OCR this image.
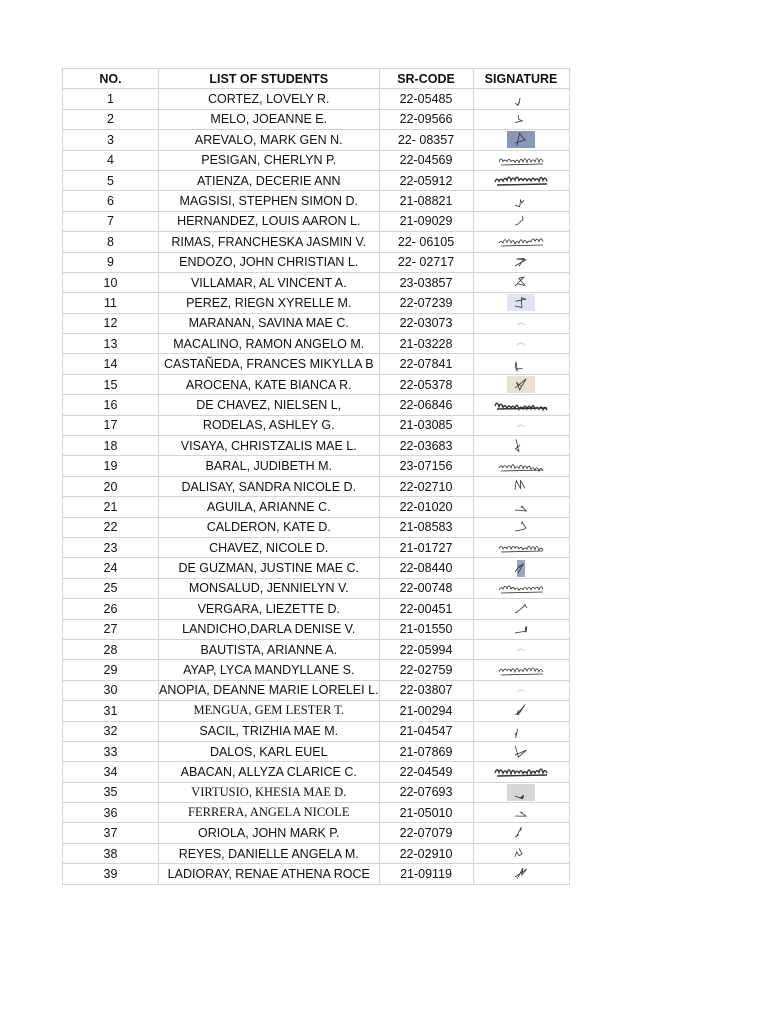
NO.	LIST OF STUDENTS	SR-CODE	SIGNATURE
1	CORTEZ, LOVELY R.	22-05485	

2	MELO, JOEANNE E.	22-09566	

3	AREVALO, MARK GEN N.	22- 08357	

4	PESIGAN, CHERLYN P.	22-04569	

5	ATIENZA, DECERIE ANN	22-05912	

6	MAGSISI, STEPHEN SIMON D.	21-08821	

7	HERNANDEZ, LOUIS AARON L.	21-09029	

8	RIMAS, FRANCHESKA JASMIN V.	22- 06105	

9	ENDOZO, JOHN CHRISTIAN L.	22- 02717	

10	VILLAMAR, AL VINCENT A.	23-03857	

11	PEREZ, RIEGN XYRELLE M.	22-07239	

12	MARANAN, SAVINA MAE C.	22-03073	

13	MACALINO, RAMON ANGELO M.	21-03228	

14	CASTAÑEDA, FRANCES MIKYLLA B	22-07841	

15	AROCENA, KATE BIANCA R.	22-05378	

16	DE CHAVEZ, NIELSEN L,	22-06846	

17	RODELAS, ASHLEY G.	21-03085	

18	VISAYA, CHRISTZALIS MAE L.	22-03683	

19	BARAL, JUDIBETH M.	23-07156	

20	DALISAY, SANDRA NICOLE D.	22-02710	

21	AGUILA, ARIANNE C.	22-01020	

22	CALDERON, KATE D.	21-08583	

23	CHAVEZ, NICOLE D.	21-01727	

24	DE GUZMAN, JUSTINE MAE C.	22-08440	

25	MONSALUD, JENNIELYN V.	22-00748	

26	VERGARA, LIEZETTE D.	22-00451	

27	LANDICHO,DARLA DENISE V.	21-01550	

28	BAUTISTA, ARIANNE A.	22-05994	

29	AYAP, LYCA MANDYLLANE S.	22-02759	

30	ANOPIA, DEANNE MARIE LORELEI L.	22-03807	

31	MENGUA, GEM LESTER T.	21-00294	

32	SACIL, TRIZHIA MAE M.	21-04547	

33	DALOS, KARL EUEL	21-07869	

34	ABACAN, ALLYZA CLARICE C.	22-04549	

35	VIRTUSIO, KHESIA MAE D.	22-07693	

36	FERRERA, ANGELA NICOLE	21-05010	

37	ORIOLA, JOHN MARK P.	22-07079	

38	REYES, DANIELLE ANGELA M.	22-02910	

39	LADIORAY, RENAE ATHENA ROCE	21-09119	
